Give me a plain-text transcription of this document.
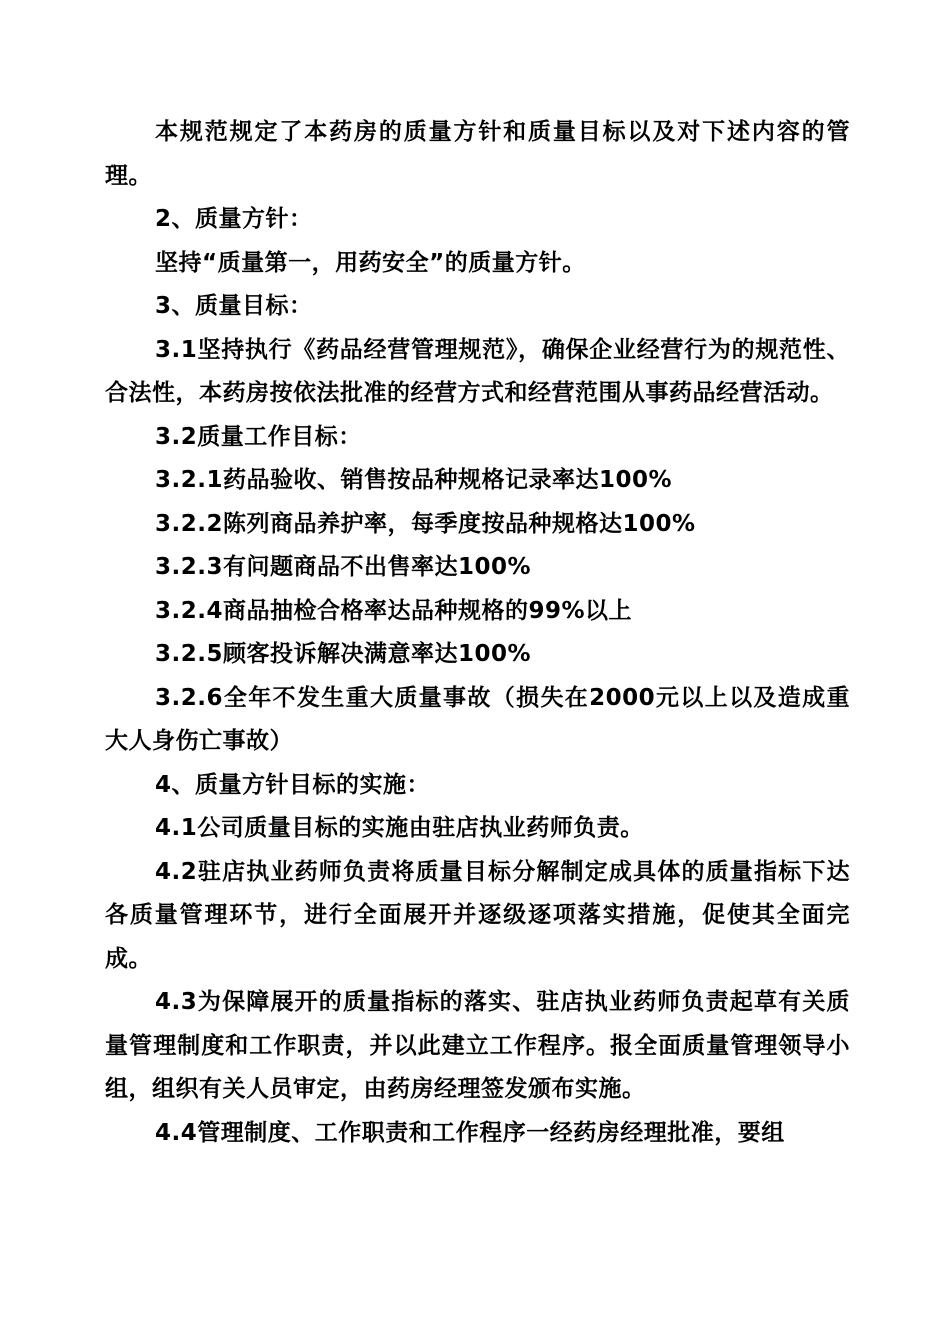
本规范规定了本药房的质量方针和质量目标以及对下述内容的管理。

2、质量方针：

坚持“质量第一，用药安全”的质量方针。

3、质量目标：

3.1坚持执行《药品经营管理规范》，确保企业经营行为的规范性、合法性，本药房按依法批准的经营方式和经营范围从事药品经营活动。

3.2质量工作目标：

3.2.1药品验收、销售按品种规格记录率达100%

3.2.2陈列商品养护率，每季度按品种规格达100%

3.2.3有问题商品不出售率达100%

3.2.4商品抽检合格率达品种规格的99%以上

3.2.5顾客投诉解决满意率达100%

3.2.6全年不发生重大质量事故（损失在2000元以上以及造成重大人身伤亡事故）

4、质量方针目标的实施：

4.1公司质量目标的实施由驻店执业药师负责。

4.2驻店执业药师负责将质量目标分解制定成具体的质量指标下达各质量管理环节，进行全面展开并逐级逐项落实措施，促使其全面完成。

4.3为保障展开的质量指标的落实、驻店执业药师负责起草有关质量管理制度和工作职责，并以此建立工作程序。报全面质量管理领导小组，组织有关人员审定，由药房经理签发颁布实施。

4.4管理制度、工作职责和工作程序一经药房经理批准，要组
